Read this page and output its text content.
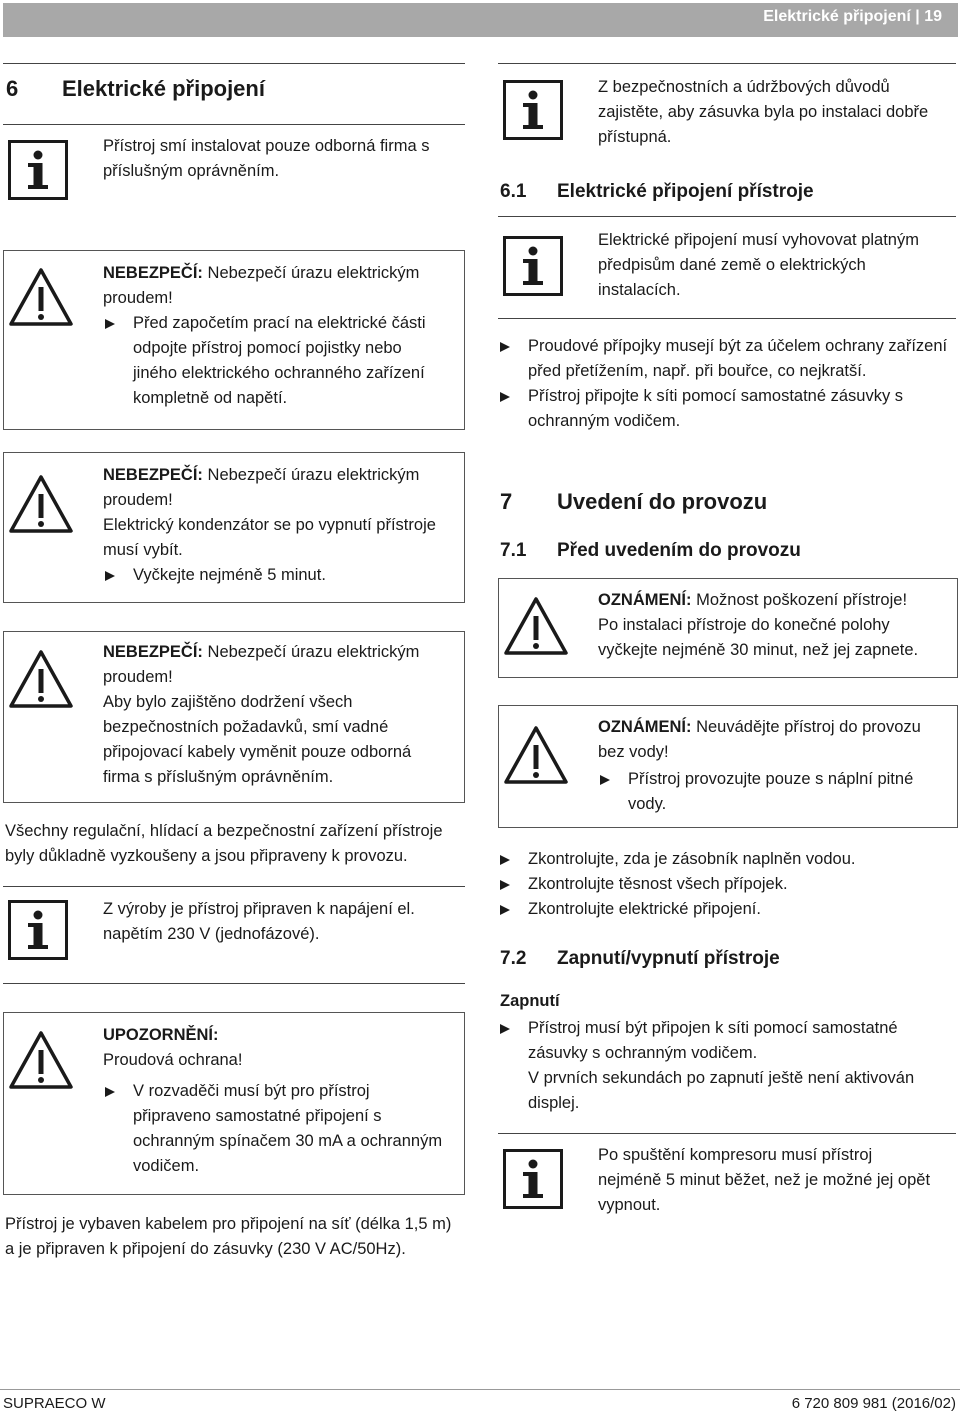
Elektrické připojení | 19
6 Elektrické připojení
Přístroj smí instalovat pouze odborná firma s příslušným oprávněním.
NEBEZPEČÍ: Nebezpečí úrazu elektrickým proudem!
Před započetím prací na elektrické části odpojte přístroj pomocí pojistky nebo jiného elektrického ochranného zařízení kompletně od napětí.
NEBEZPEČÍ: Nebezpečí úrazu elektrickým proudem!
Elektrický kondenzátor se po vypnutí přístroje musí vybít.
Vyčkejte nejméně 5 minut.
NEBEZPEČÍ: Nebezpečí úrazu elektrickým proudem!
Aby bylo zajištěno dodržení všech bezpečnostních požadavků, smí vadné připojovací kabely vyměnit pouze odborná firma s příslušným oprávněním.
Všechny regulační, hlídací a bezpečnostní zařízení přístroje byly důkladně vyzkoušeny a jsou připraveny k provozu.
Z výroby je přístroj připraven k napájení el. napětím 230 V (jednofázové).
UPOZORNĚNÍ:
Proudová ochrana!
V rozvaděči musí být pro přístroj připraveno samostatné připojení s ochranným spínačem 30 mA a ochranným vodičem.
Přístroj je vybaven kabelem pro připojení na síť (délka 1,5 m) a je připraven k připojení do zásuvky (230 V AC/50Hz).
Z bezpečnostních a údržbových důvodů zajistěte, aby zásuvka byla po instalaci dobře přístupná.
6.1 Elektrické připojení přístroje
Elektrické připojení musí vyhovovat platným předpisům dané země o elektrických instalacích.
Proudové přípojky musejí být za účelem ochrany zařízení před přetížením, např. při bouřce, co nejkratší.
Přístroj připojte k síti pomocí samostatné zásuvky s ochranným vodičem.
7 Uvedení do provozu
7.1 Před uvedením do provozu
OZNÁMENÍ: Možnost poškození přístroje!
Po instalaci přístroje do konečné polohy vyčkejte nejméně 30 minut, než jej zapnete.
OZNÁMENÍ: Neuvádějte přístroj do provozu bez vody!
Přístroj provozujte pouze s náplní pitné vody.
Zkontrolujte, zda je zásobník naplněn vodou.
Zkontrolujte těsnost všech přípojek.
Zkontrolujte elektrické připojení.
7.2 Zapnutí/vypnutí přístroje
Zapnutí
Přístroj musí být připojen k síti pomocí samostatné zásuvky s ochranným vodičem.
V prvních sekundách po zapnutí ještě není aktivován displej.
Po spuštění kompresoru musí přístroj nejméně 5 minut běžet, než je možné jej opět vypnout.
SUPRAECO W	6 720 809 981 (2016/02)
